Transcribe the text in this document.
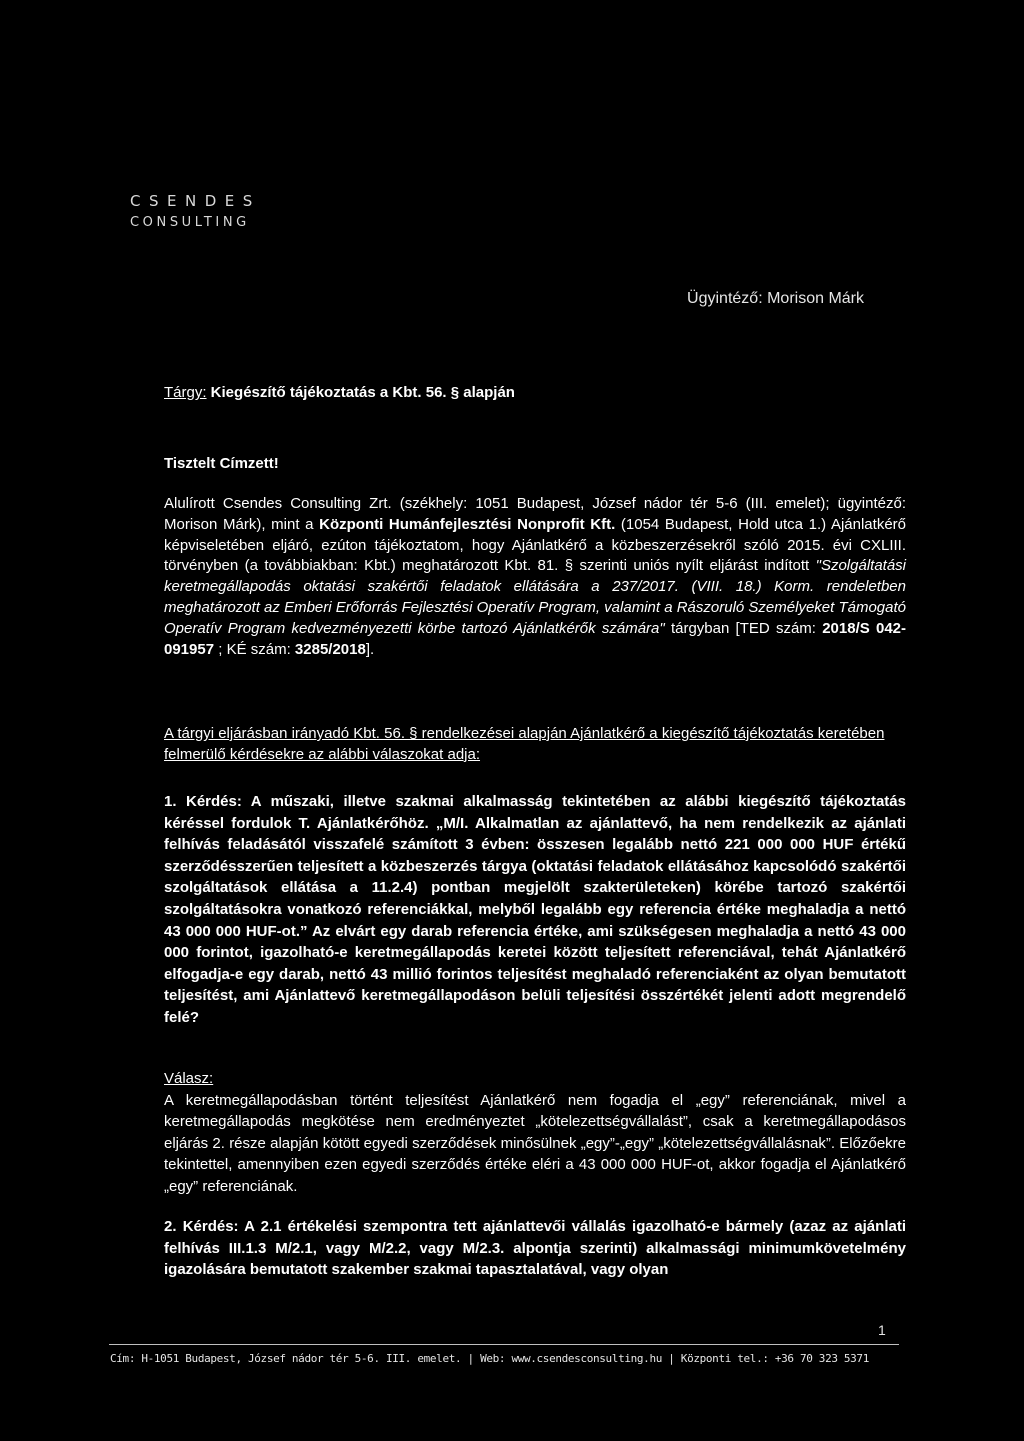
CSENDES
CONSULTING
Ügyintéző: Morison Márk
Tárgy: Kiegészítő tájékoztatás a Kbt. 56. § alapján
Tisztelt Címzett!
Alulírott Csendes Consulting Zrt. (székhely: 1051 Budapest, József nádor tér 5-6 (III. emelet); ügyintéző: Morison Márk), mint a Központi Humánfejlesztési Nonprofit Kft. (1054 Budapest, Hold utca 1.) Ajánlatkérő képviseletében eljáró, ezúton tájékoztatom, hogy Ajánlatkérő a közbeszerzésekről szóló 2015. évi CXLIII. törvényben (a továbbiakban: Kbt.) meghatározott Kbt. 81. § szerinti uniós nyílt eljárást indított "Szolgáltatási keretmegállapodás oktatási szakértői feladatok ellátására a 237/2017. (VIII. 18.) Korm. rendeletben meghatározott az Emberi Erőforrás Fejlesztési Operatív Program, valamint a Rászoruló Személyeket Támogató Operatív Program kedvezményezetti körbe tartozó Ajánlatkérők számára" tárgyban [TED szám: 2018/S 042-091957 ; KÉ szám: 3285/2018].
A tárgyi eljárásban irányadó Kbt. 56. § rendelkezései alapján Ajánlatkérő a kiegészítő tájékoztatás keretében felmerülő kérdésekre az alábbi válaszokat adja:
1. Kérdés: A műszaki, illetve szakmai alkalmasság tekintetében az alábbi kiegészítő tájékoztatás kéréssel fordulok T. Ajánlatkérőhöz. „M/I. Alkalmatlan az ajánlattevő, ha nem rendelkezik az ajánlati felhívás feladásától visszafelé számított 3 évben: összesen legalább nettó 221 000 000 HUF értékű szerződésszerűen teljesített a közbeszerzés tárgya (oktatási feladatok ellátásához kapcsolódó szakértői szolgáltatások ellátása a 11.2.4) pontban megjelölt szakterületeken) körébe tartozó szakértői szolgáltatásokra vonatkozó referenciákkal, melyből legalább egy referencia értéke meghaladja a nettó 43 000 000 HUF-ot.” Az elvárt egy darab referencia értéke, ami szükségesen meghaladja a nettó 43 000 000 forintot, igazolható-e keretmegállapodás keretei között teljesített referenciával, tehát Ajánlatkérő elfogadja-e egy darab, nettó 43 millió forintos teljesítést meghaladó referenciaként az olyan bemutatott teljesítést, ami Ajánlattevő keretmegállapodáson belüli teljesítési összértékét jelenti adott megrendelő felé?
Válasz:
A keretmegállapodásban történt teljesítést Ajánlatkérő nem fogadja el „egy” referenciának, mivel a keretmegállapodás megkötése nem eredményeztet „kötelezettségvállalást”, csak a keretmegállapodásos eljárás 2. része alapján kötött egyedi szerződések minősülnek „egy”-„egy” „kötelezettségvállalásnak”. Előzőekre tekintettel, amennyiben ezen egyedi szerződés értéke eléri a 43 000 000 HUF-ot, akkor fogadja el Ajánlatkérő „egy” referenciának.
2. Kérdés: A 2.1 értékelési szempontra tett ajánlattevői vállalás igazolható-e bármely (azaz az ajánlati felhívás III.1.3 M/2.1, vagy M/2.2, vagy M/2.3. alpontja szerinti) alkalmassági minimumkövetelmény igazolására bemutatott szakember szakmai tapasztalatával, vagy olyan
1
Cím: H-1051 Budapest, József nádor tér 5-6. III. emelet. | Web: www.csendesconsulting.hu | Központi tel.: +36 70 323 5371
